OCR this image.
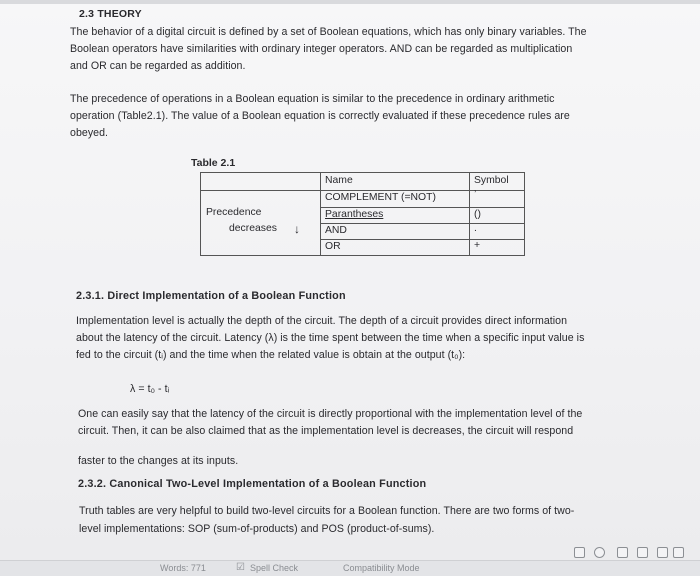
2.3 THEORY
The behavior of a digital circuit is defined by a set of Boolean equations, which has only binary variables. The
Boolean operators have similarities with ordinary integer operators. AND can be regarded as multiplication
and OR can be regarded as addition.
The precedence of operations in a Boolean equation is similar to the precedence in ordinary arithmetic
operation (Table2.1). The value of a Boolean equation is correctly evaluated if these precedence rules are
obeyed.
Table 2.1
Precedence
decreases ↓
Name	Symbol
COMPLEMENT (=NOT)	’
Parantheses	()
AND	.
OR	+
2.3.1. Direct Implementation of a Boolean Function
Implementation level is actually the depth of the circuit. The depth of a circuit provides direct information
about the latency of the circuit. Latency (λ) is the time spent between the time when a specific input value is
fed to the circuit (tᵢ) and the time when the related value is obtain at the output (t₀):
λ = t₀ - tᵢ
One can easily say that the latency of the circuit is directly proportional with the implementation level of the
circuit. Then, it can be also claimed that as the implementation level is decreases, the circuit will respond
faster to the changes at its inputs.
2.3.2. Canonical Two-Level Implementation of a Boolean Function
Truth tables are very helpful to build two-level circuits for a Boolean function. There are two forms of two-
level implementations: SOP (sum-of-products) and POS (product-of-sums).
Words: 771	☑ Spell Check	Compatibility Mode
